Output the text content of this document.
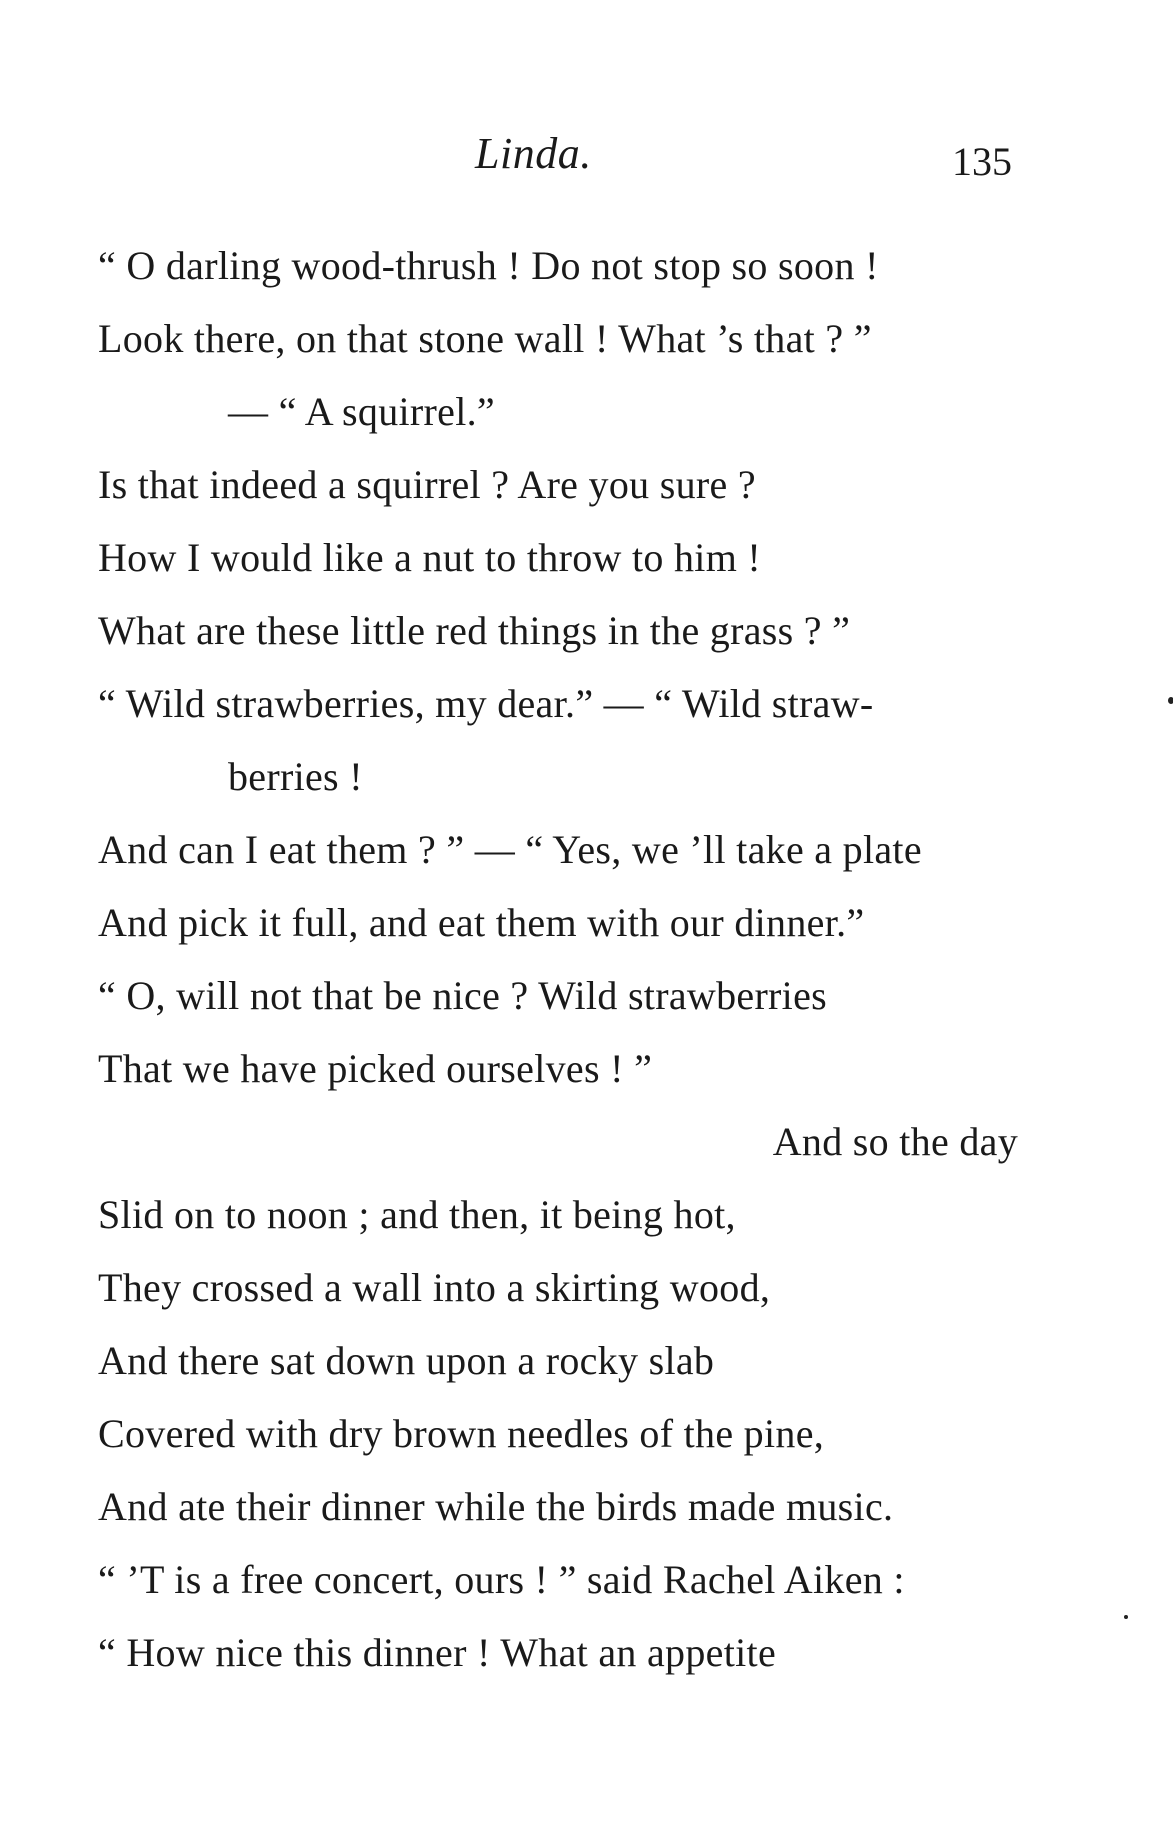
Linda.	135
“ O darling wood-thrush ! Do not stop so soon !
Look there, on that stone wall ! What ’s that ? ”
— “ A squirrel.”
Is that indeed a squirrel ? Are you sure ?
How I would like a nut to throw to him !
What are these little red things in the grass ? ”
“ Wild strawberries, my dear.” — “ Wild straw-
berries !
And can I eat them ? ” — “ Yes, we ’ll take a plate
And pick it full, and eat them with our dinner.”
“ O, will not that be nice ? Wild strawberries
That we have picked ourselves ! ”
And so the day
Slid on to noon ; and then, it being hot,
They crossed a wall into a skirting wood,
And there sat down upon a rocky slab
Covered with dry brown needles of the pine,
And ate their dinner while the birds made music.
“ ’T is a free concert, ours ! ” said Rachel Aiken :
“ How nice this dinner ! What an appetite
